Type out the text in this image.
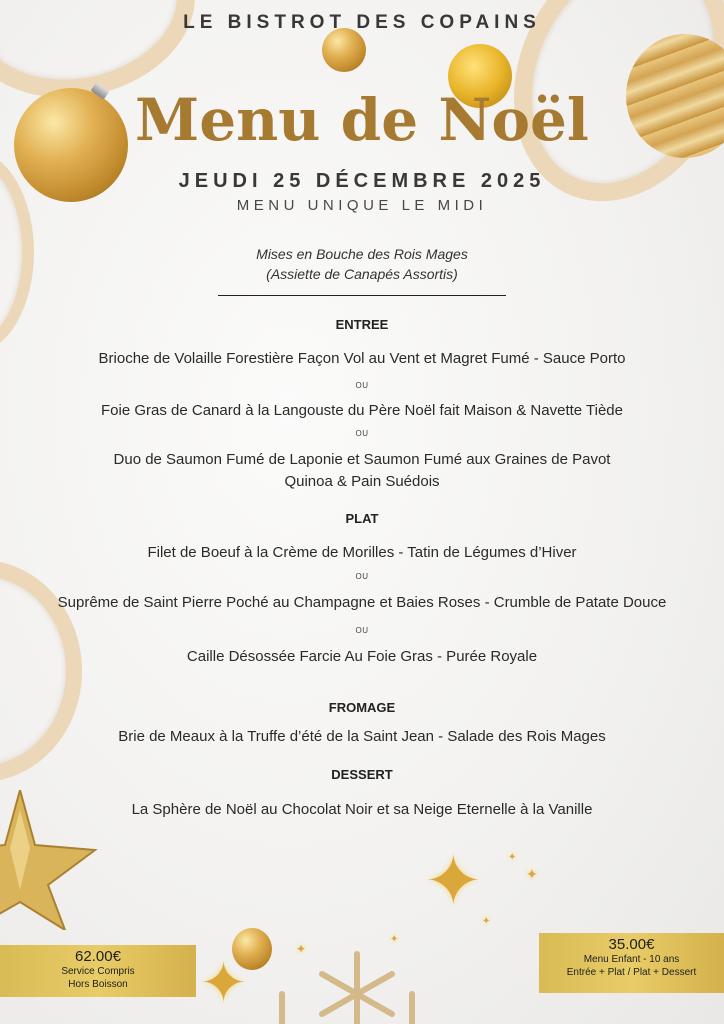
✦
✦
✦
✦
✦
✦
✦
LE BISTROT DES COPAINS
Menu de Noël
JEUDI 25 DÉCEMBRE 2025
MENU UNIQUE LE MIDI
Mises en Bouche des Rois Mages
(Assiette de Canapés Assortis)
ENTREE
Brioche de Volaille Forestière Façon Vol au Vent et Magret Fumé - Sauce Porto
OU
Foie Gras de Canard à la Langouste du Père Noël fait Maison & Navette Tiède
OU
Duo de Saumon Fumé de Laponie et Saumon Fumé aux Graines de Pavot
Quinoa & Pain Suédois
PLAT
Filet de Boeuf à la Crème de Morilles - Tatin de Légumes d’Hiver
OU
Suprême de Saint Pierre Poché au Champagne et Baies Roses - Crumble de Patate Douce
OU
Caille Désossée Farcie Au Foie Gras - Purée Royale
FROMAGE
Brie de Meaux à la Truffe d’été de la Saint Jean - Salade des Rois Mages
DESSERT
La Sphère de Noël au Chocolat Noir et sa Neige Eternelle à la Vanille
62.00€
Service Compris
Hors Boisson
35.00€
Menu Enfant - 10 ans
Entrée + Plat / Plat + Dessert
